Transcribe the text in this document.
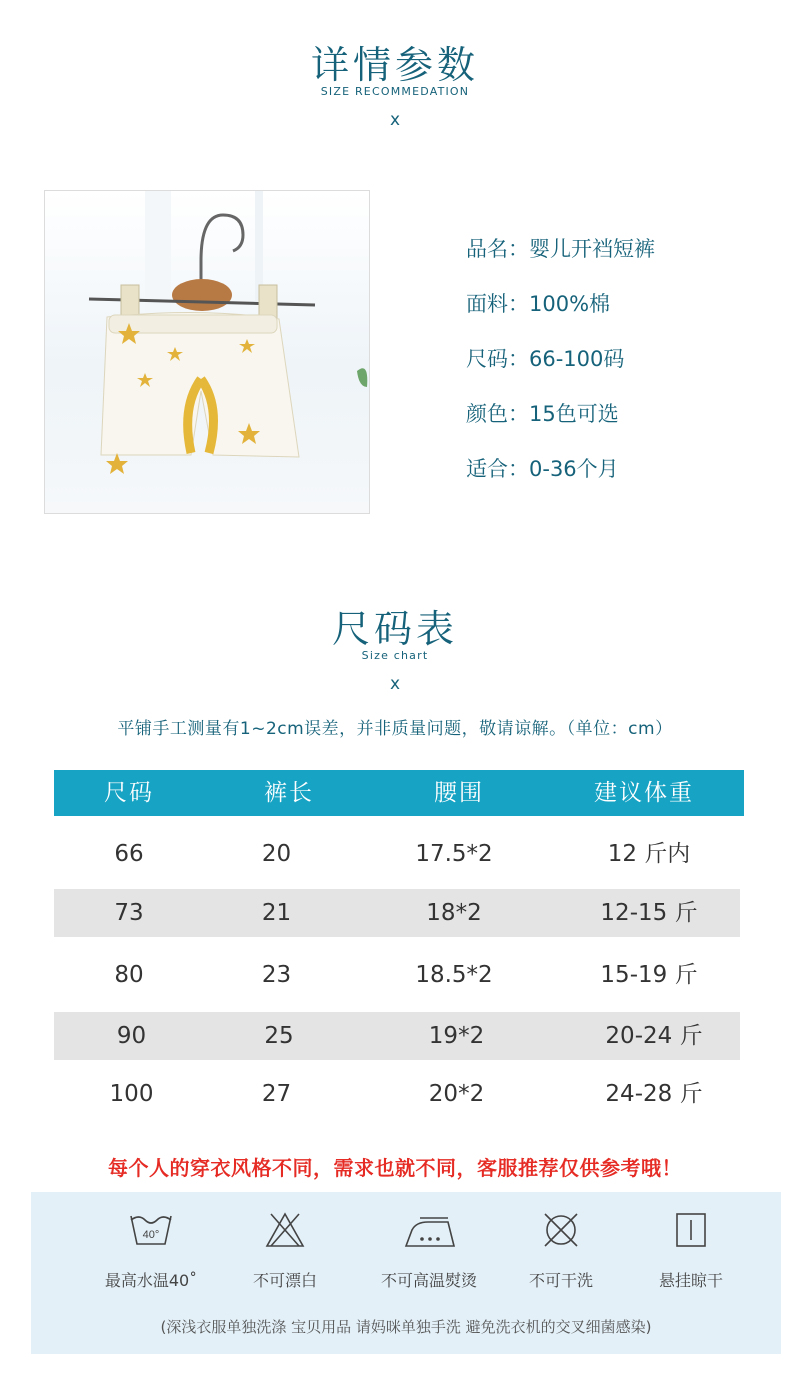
详情参数
SIZE RECOMMEDATION
x
品名：婴儿开裆短裤
面料：100%棉
尺码：66-100码
颜色：15色可选
适合：0-36个月
尺码表
Size chart
x
平铺手工测量有1~2cm误差，并非质量问题，敬请谅解。（单位：cm）
尺码	裤长	腰围	建议体重
66	20	17.5*2	12 斤内
73	21	18*2	12-15 斤
80	23	18.5*2	15-19 斤
90	25	19*2	20-24 斤
100	27	20*2	24-28 斤
每个人的穿衣风格不同，需求也就不同，客服推荐仅供参考哦！
40°
最高水温40˚	不可漂白	不可高温熨烫	不可干洗	悬挂晾干
(深浅衣服单独洗涤 宝贝用品 请妈咪单独手洗 避免洗衣机的交叉细菌感染)
